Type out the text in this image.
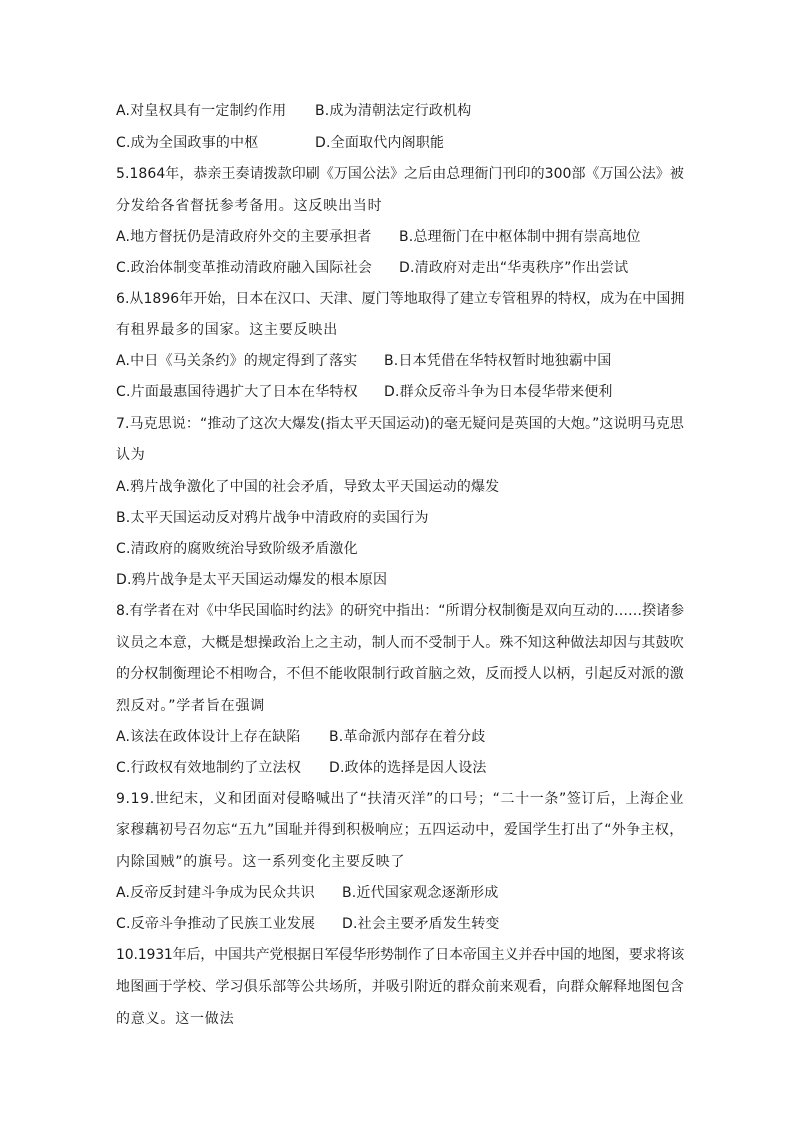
A.对皇权具有一定制约作用 B.成为清朝法定行政机构
C.成为全国政事的中枢	D.全面取代内阁职能
5.1864年，恭亲王奏请拨款印刷《万国公法》之后由总理衙门刊印的300部《万国公法》被
分发给各省督抚参考备用。这反映出当时
A.地方督抚仍是清政府外交的主要承担者 B.总理衙门在中枢体制中拥有崇高地位
C.政治体制变革推动清政府融入国际社会 D.清政府对走出“华夷秩序”作出尝试
6.从1896年开始，日本在汉口、天津、厦门等地取得了建立专管租界的特权，成为在中国拥
有租界最多的国家。这主要反映出
A.中日《马关条约》的规定得到了落实 B.日本凭借在华特权暂时地独霸中国
C.片面最惠国待遇扩大了日本在华特权 D.群众反帝斗争为日本侵华带来便利
7.马克思说：“推动了这次大爆发(指太平天国运动)的毫无疑问是英国的大炮。”这说明马克思
认为
A.鸦片战争激化了中国的社会矛盾，导致太平天国运动的爆发
B.太平天国运动反对鸦片战争中清政府的卖国行为
C.清政府的腐败统治导致阶级矛盾激化
D.鸦片战争是太平天国运动爆发的根本原因
8.有学者在对《中华民国临时约法》的研究中指出：“所谓分权制衡是双向互动的……揆诸参
议员之本意，大概是想操政治上之主动，制人而不受制于人。殊不知这种做法却因与其鼓吹
的分权制衡理论不相吻合，不但不能收限制行政首脑之效，反而授人以柄，引起反对派的激
烈反对。”学者旨在强调
A.该法在政体设计上存在缺陷 B.革命派内部存在着分歧
C.行政权有效地制约了立法权 D.政体的选择是因人设法
9.19.世纪末，义和团面对侵略喊出了“扶清灭洋”的口号；“二十一条”签订后，上海企业
家穆藕初号召勿忘“五九”国耻并得到积极响应；五四运动中，爱国学生打出了“外争主权，
内除国贼”的旗号。这一系列变化主要反映了
A.反帝反封建斗争成为民众共识 B.近代国家观念逐渐形成
C.反帝斗争推动了民族工业发展 D.社会主要矛盾发生转变
10.1931年后，中国共产党根据日军侵华形势制作了日本帝国主义并吞中国的地图，要求将该
地图画于学校、学习俱乐部等公共场所，并吸引附近的群众前来观看，向群众解释地图包含
的意义。这一做法
